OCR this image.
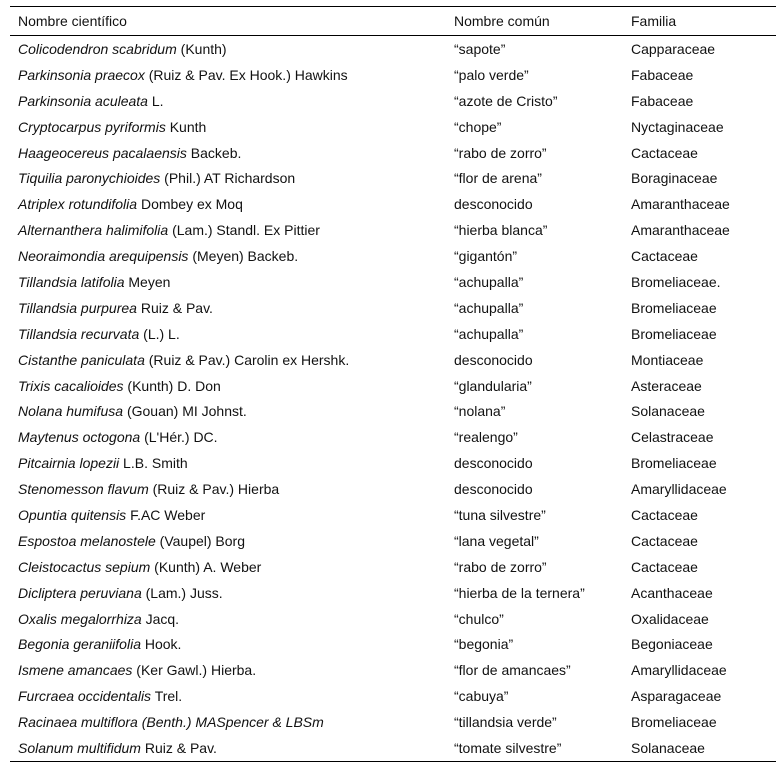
Nombre científico	Nombre común	Familia
Colicodendron scabridum (Kunth)	“sapote”	Capparaceae
Parkinsonia praecox (Ruiz & Pav. Ex Hook.) Hawkins	“palo verde”	Fabaceae
Parkinsonia aculeata L.	“azote de Cristo”	Fabaceae
Cryptocarpus pyriformis Kunth	“chope”	Nyctaginaceae
Haageocereus pacalaensis Backeb.	“rabo de zorro”	Cactaceae
Tiquilia paronychioides (Phil.) AT Richardson	“flor de arena”	Boraginaceae
Atriplex rotundifolia Dombey ex Moq	desconocido	Amaranthaceae
Alternanthera halimifolia (Lam.) Standl. Ex Pittier	“hierba blanca”	Amaranthaceae
Neoraimondia arequipensis (Meyen) Backeb.	“gigantón”	Cactaceae
Tillandsia latifolia Meyen	“achupalla”	Bromeliaceae.
Tillandsia purpurea Ruiz & Pav.	“achupalla”	Bromeliaceae
Tillandsia recurvata (L.) L.	“achupalla”	Bromeliaceae
Cistanthe paniculata (Ruiz & Pav.) Carolin ex Hershk.	desconocido	Montiaceae
Trixis cacalioides (Kunth) D. Don	“glandularia”	Asteraceae
Nolana humifusa (Gouan) MI Johnst.	“nolana”	Solanaceae
Maytenus octogona (L'Hér.) DC.	“realengo”	Celastraceae
Pitcairnia lopezii L.B. Smith	desconocido	Bromeliaceae
Stenomesson flavum (Ruiz & Pav.) Hierba	desconocido	Amaryllidaceae
Opuntia quitensis F.AC Weber	“tuna silvestre”	Cactaceae
Espostoa melanostele (Vaupel) Borg	“lana vegetal”	Cactaceae
Cleistocactus sepium (Kunth) A. Weber	“rabo de zorro”	Cactaceae
Dicliptera peruviana (Lam.) Juss.	“hierba de la ternera”	Acanthaceae
Oxalis megalorrhiza Jacq.	“chulco”	Oxalidaceae
Begonia geraniifolia Hook.	“begonia”	Begoniaceae
Ismene amancaes (Ker Gawl.) Hierba.	“flor de amancaes”	Amaryllidaceae
Furcraea occidentalis Trel.	“cabuya”	Asparagaceae
Racinaea multiflora (Benth.) MASpencer & LBSm	“tillandsia verde”	Bromeliaceae
Solanum multifidum Ruiz & Pav.	“tomate silvestre”	Solanaceae
